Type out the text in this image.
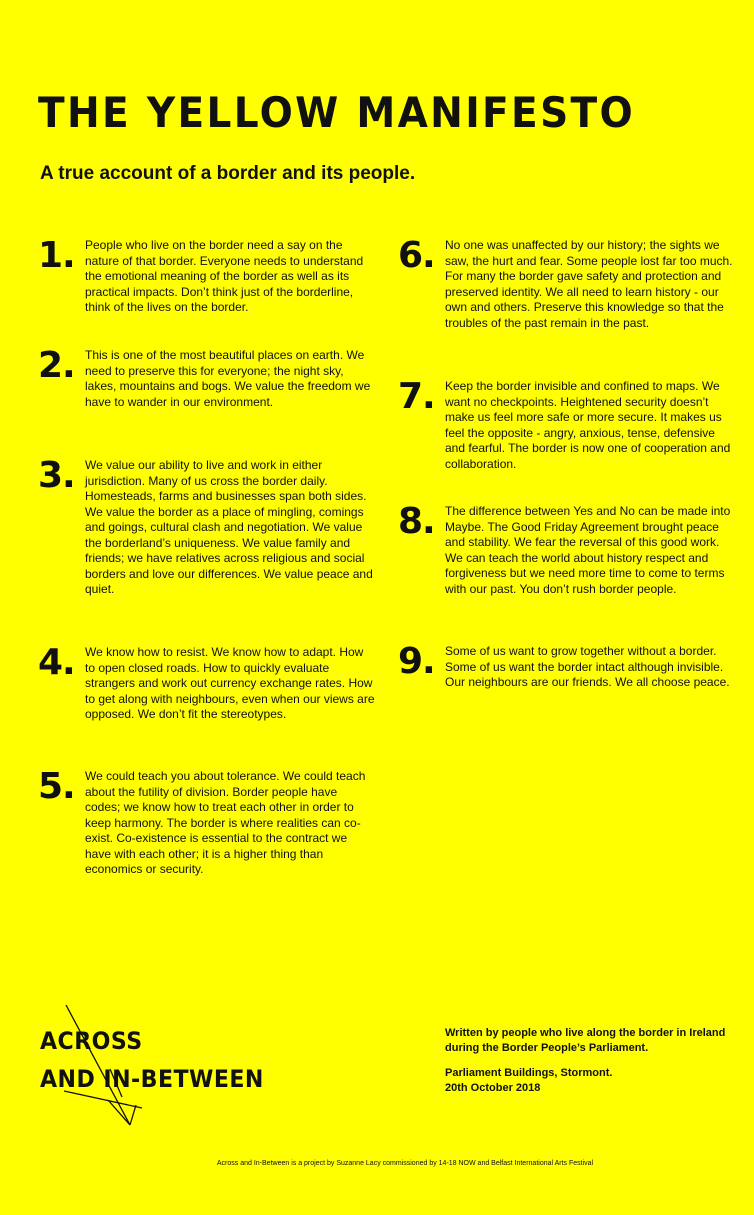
THE YELLOW MANIFESTO

A true account of a border and its people.

1. People who live on the border need a say on the nature of that border. Everyone needs to understand the emotional meaning of the border as well as its practical impacts. Don’t think just of the borderline, think of the lives on the border.

2. This is one of the most beautiful places on earth. We need to preserve this for everyone; the night sky, lakes, mountains and bogs. We value the freedom we have to wander in our environment.

3. We value our ability to live and work in either jurisdiction. Many of us cross the border daily. Homesteads, farms and businesses span both sides. We value the border as a place of mingling, comings and goings, cultural clash and negotiation. We value the borderland’s uniqueness. We value family and friends; we have relatives across religious and social borders and love our differences. We value peace and quiet.

4. We know how to resist. We know how to adapt. How to open closed roads. How to quickly evaluate strangers and work out currency exchange rates. How to get along with neighbours, even when our views are opposed. We don’t fit the stereotypes.

5. We could teach you about tolerance. We could teach about the futility of division. Border people have codes; we know how to treat each other in order to keep harmony. The border is where realities can co-exist. Co-existence is essential to the contract we have with each other; it is a higher thing than economics or security.

6. No one was unaffected by our history; the sights we saw, the hurt and fear. Some people lost far too much. For many the border gave safety and protection and preserved identity. We all need to learn history - our own and others. Preserve this knowledge so that the troubles of the past remain in the past.

7. Keep the border invisible and confined to maps. We want no checkpoints. Heightened security doesn’t make us feel more safe or more secure. It makes us feel the opposite - angry, anxious, tense, defensive and fearful. The border is now one of cooperation and collaboration.

8. The difference between Yes and No can be made into Maybe. The Good Friday Agreement brought peace and stability. We fear the reversal of this good work. We can teach the world about history respect and forgiveness but we need more time to come to terms with our past. You don’t rush border people.

9. Some of us want to grow together without a border. Some of us want the border intact although invisible. Our neighbours are our friends. We all choose peace.

ACROSS
AND IN-BETWEEN

Written by people who live along the border in Ireland during the Border People’s Parliament.

Parliament Buildings, Stormont.

20th October 2018

Across and In-Between is a project by Suzanne Lacy commissioned by 14-18 NOW and Belfast International Arts Festival
